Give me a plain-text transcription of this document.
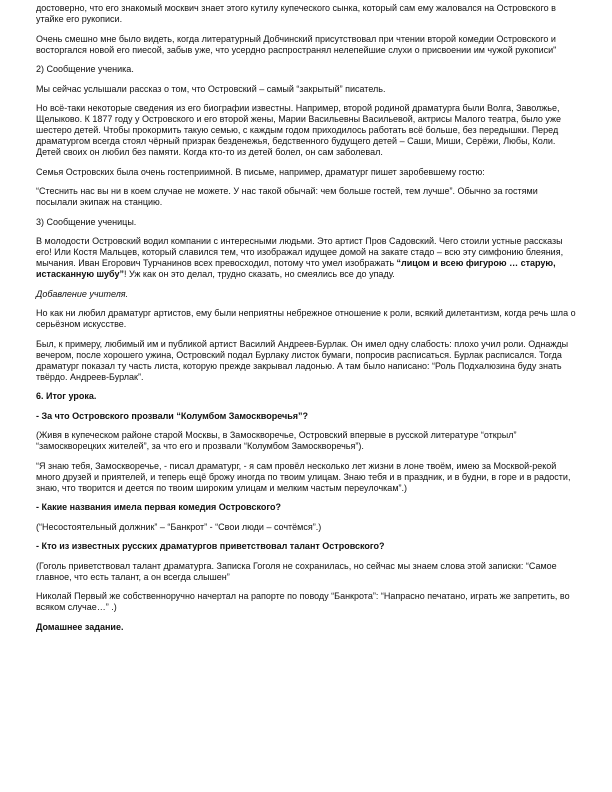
достоверно, что его знакомый москвич знает этого кутилу купеческого сынка, который сам ему жаловался на Островского в утайке его рукописи.

Очень смешно мне было видеть, когда литературный Добчинский присутствовал при чтении второй комедии Островского и восторгался новой его пиесой, забыв уже, что усердно распространял нелепейшие слухи о присвоении им чужой рукописи"

2) Сообщение ученика.

Мы сейчас услышали рассказ о том, что Островский – самый “закрытый” писатель.

Но всё-таки некоторые сведения из его биографии известны. Например, второй родиной драматурга были Волга, Заволжье, Щелыково. К 1877 году у Островского и его второй жены, Марии Васильевны Васильевой, актрисы Малого театра, было уже шестеро детей. Чтобы прокормить такую семью, с каждым годом приходилось работать всё больше, без передышки. Перед драматургом всегда стоял чёрный призрак безденежья, бедственного будущего детей – Саши, Миши, Серёжи, Любы, Коли. Детей своих он любил без памяти. Когда кто-то из детей болел, он сам заболевал.

Семья Островских была очень гостеприимной. В письме, например, драматург пишет заробевшему гостю:

“Стеснить нас вы ни в коем случае не можете. У нас такой обычай: чем больше гостей, тем лучше”. Обычно за гостями посылали экипаж на станцию.

3) Сообщение ученицы.

В молодости Островский водил компании с интересными людьми. Это артист Пров Садовский. Чего стоили устные рассказы его! Или Костя Мальцев, который славился тем, что изображал идущее домой на закате стадо – всю эту симфонию блеяния, мычания. Иван Егорович Турчанинов всех превосходил, потому что умел изображать “лицом и всею фигурою … старую, истасканную шубу”! Уж как он это делал, трудно сказать, но смеялись все до упаду.

Добавление учителя.

Но как ни любил драматург артистов, ему были неприятны небрежное отношение к роли, всякий дилетантизм, когда речь шла о серьёзном искусстве.

Был, к примеру, любимый им и публикой артист Василий Андреев-Бурлак. Он имел одну слабость: плохо учил роли. Однажды вечером, после хорошего ужина, Островский подал Бурлаку листок бумаги, попросив расписаться. Бурлак расписался. Тогда драматург показал ту часть листа, которую прежде закрывал ладонью. А там было написано: “Роль Подхалюзина буду знать твёрдо. Андреев-Бурлак”.

6. Итог урока.

- За что Островского прозвали “Колумбом Замоскворечья”?

(Живя в купеческом районе старой Москвы, в Замоскворечье, Островский впервые в русской литературе “открыл” “замоскворецких жителей”, за что его и прозвали “Колумбом Замоскворечья”).

“Я знаю тебя, Замоскворечье, - писал драматург, - я сам провёл несколько лет жизни в лоне твоём, имею за Москвой-рекой много друзей и приятелей, и теперь ещё брожу иногда по твоим улицам. Знаю тебя и в праздник, и в будни, в горе и в радости, знаю, что творится и деется по твоим широким улицам и мелким частым переулочкам”.)

- Какие названия имела первая комедия Островского?

(“Несостоятельный должник” – “Банкрот” - “Свои люди – сочтёмся”.)

- Кто из известных русских драматургов приветствовал талант Островского?

(Гоголь приветствовал талант драматурга. Записка Гоголя не сохранилась, но сейчас мы знаем слова этой записки: “Самое главное, что есть талант, а он всегда слышен”

Николай Первый же собственноручно начертал на рапорте по поводу “Банкрота”: “Напрасно печатано, играть же запретить, во всяком случае…” .)

Домашнее задание.
